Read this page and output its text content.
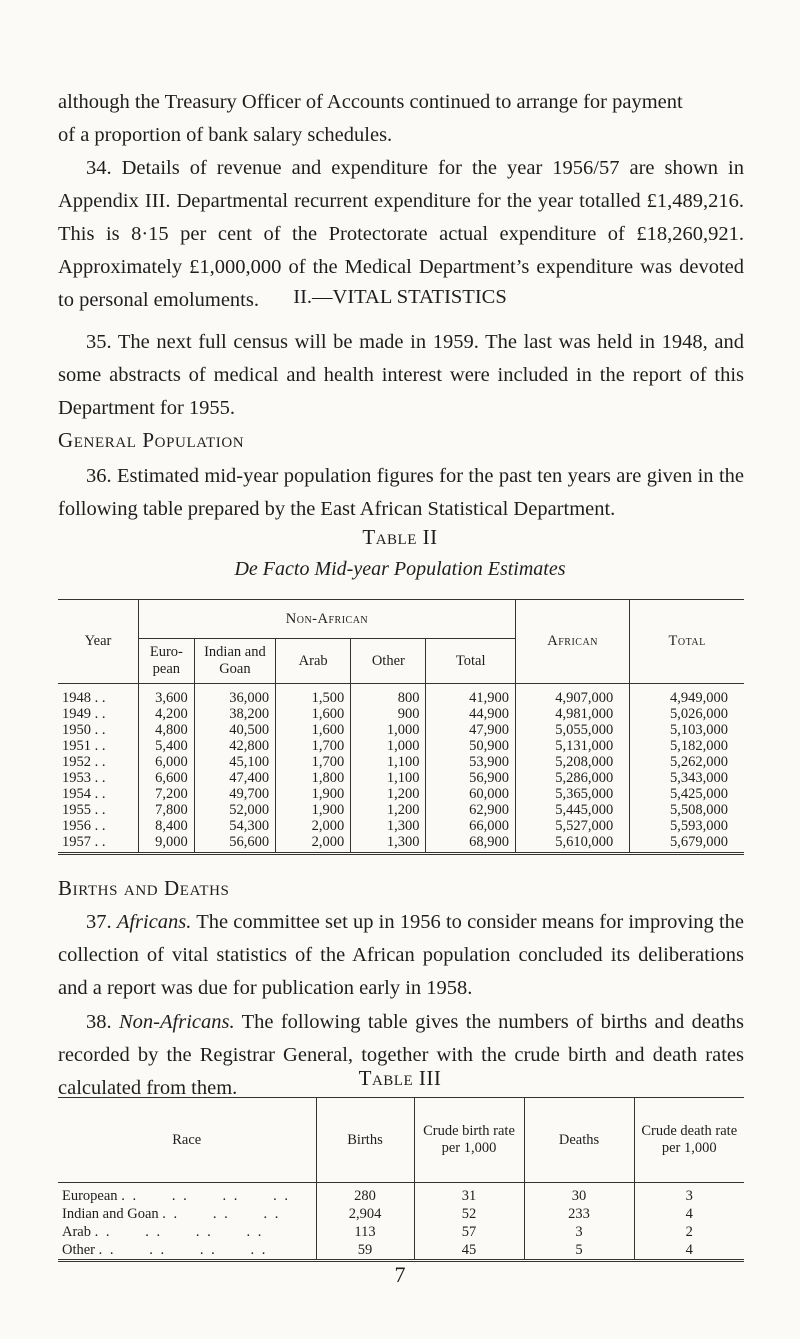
although the Treasury Officer of Accounts continued to arrange for payment
of a proportion of bank salary schedules.

34. Details of revenue and expenditure for the year 1956/57 are shown in Appendix III. Departmental recurrent expenditure for the year totalled £1,489,216. This is 8·15 per cent of the Protectorate actual expenditure of £18,260,921. Approximately £1,000,000 of the Medical Department’s expenditure was devoted to personal emoluments.	II.—VITAL STATISTICS

35. The next full census will be made in 1959. The last was held in 1948, and some abstracts of medical and health interest were included in the report of this Department for 1955.

General Population

36. Estimated mid-year population figures for the past ten years are given in the following table prepared by the East African Statistical Department.

Table II

De Facto Mid-year Population Estimates

Year	Non-African					African	Total
	Euro- pean	Indian and Goan	Arab	Other	Total		
1948 . .	3,600	36,000	1,500	800	41,900	4,907,000	4,949,000
1949 . .	4,200	38,200	1,600	900	44,900	4,981,000	5,026,000
1950 . .	4,800	40,500	1,600	1,000	47,900	5,055,000	5,103,000
1951 . .	5,400	42,800	1,700	1,000	50,900	5,131,000	5,182,000
1952 . .	6,000	45,100	1,700	1,100	53,900	5,208,000	5,262,000
1953 . .	6,600	47,400	1,800	1,100	56,900	5,286,000	5,343,000
1954 . .	7,200	49,700	1,900	1,200	60,000	5,365,000	5,425,000
1955 . .	7,800	52,000	1,900	1,200	62,900	5,445,000	5,508,000
1956 . .	8,400	54,300	2,000	1,300	66,000	5,527,000	5,593,000
1957 . .	9,000	56,600	2,000	1,300	68,900	5,610,000	5,679,000

Births and Deaths

37. Africans. The committee set up in 1956 to consider means for improving the collection of vital statistics of the African population concluded its deliberations and a report was due for publication early in 1958.

38. Non-Africans. The following table gives the numbers of births and deaths recorded by the Registrar General, together with the crude birth and death rates calculated from them.	Table III

Race	Births	Crude birth rate per 1,000	Deaths	Crude death rate per 1,000
European . .      . .      . .      . .	280	31	30	3
Indian and Goan . .      . .      . .	2,904	52	233	4
Arab . .      . .      . .      . .	113	57	3	2
Other . .      . .      . .      . .	59	45	5	4
7
